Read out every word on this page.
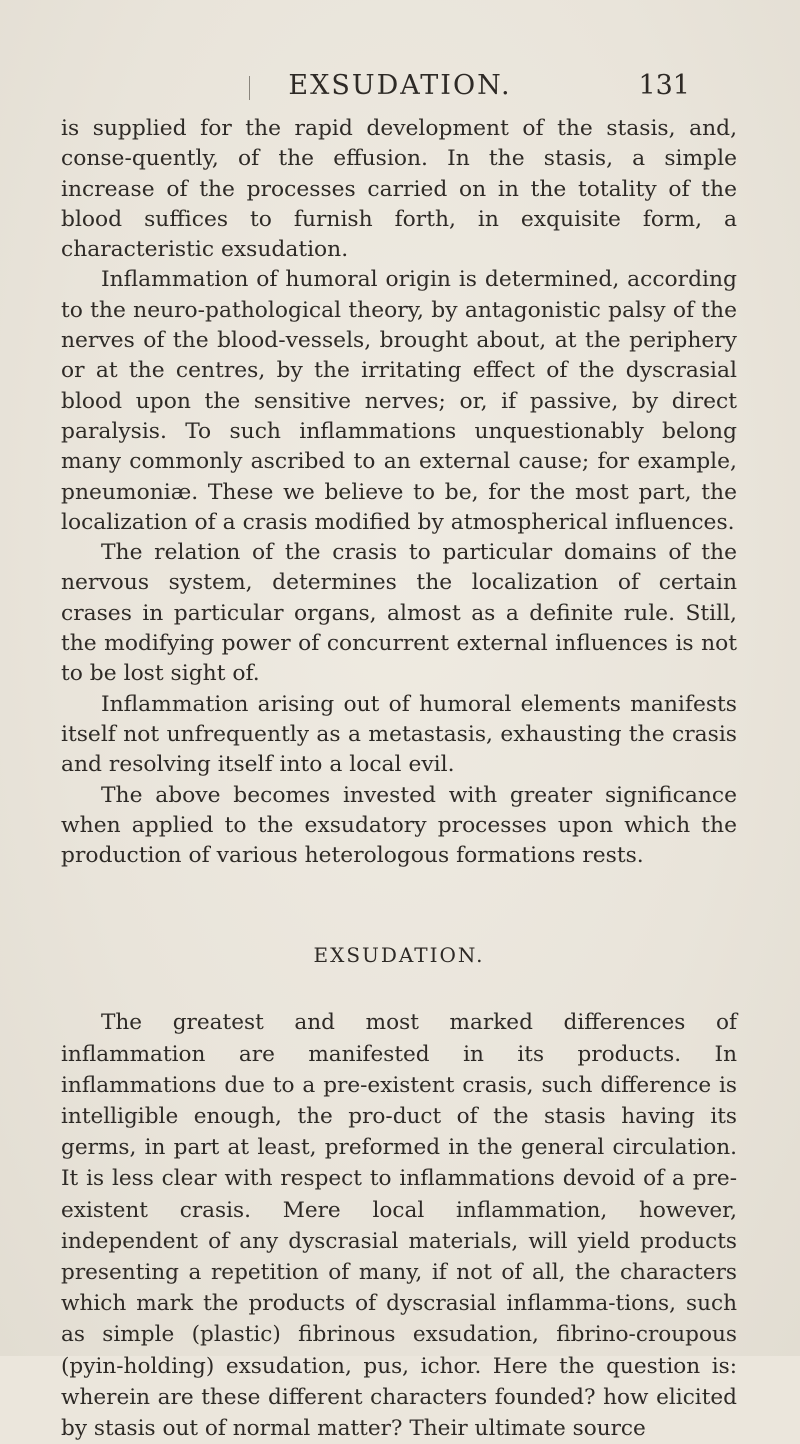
EXSUDATION.	131

is supplied for the rapid development of the stasis, and, conse-quently, of the effusion. In the stasis, a simple increase of the processes carried on in the totality of the blood suffices to furnish forth, in exquisite form, a characteristic exsudation.

Inflammation of humoral origin is determined, according to the neuro-pathological theory, by antagonistic palsy of the nerves of the blood-vessels, brought about, at the periphery or at the centres, by the irritating effect of the dyscrasial blood upon the sensitive nerves; or, if passive, by direct paralysis. To such inflammations unquestionably belong many commonly ascribed to an external cause; for example, pneumoniæ. These we believe to be, for the most part, the localization of a crasis modified by atmospherical influences.

The relation of the crasis to particular domains of the nervous system, determines the localization of certain crases in particular organs, almost as a definite rule. Still, the modifying power of concurrent external influences is not to be lost sight of.

Inflammation arising out of humoral elements manifests itself not unfrequently as a metastasis, exhausting the crasis and resolving itself into a local evil.

The above becomes invested with greater significance when applied to the exsudatory processes upon which the production of various heterologous formations rests.

EXSUDATION.

The greatest and most marked differences of inflammation are manifested in its products. In inflammations due to a pre-existent crasis, such difference is intelligible enough, the pro-duct of the stasis having its germs, in part at least, preformed in the general circulation. It is less clear with respect to inflammations devoid of a pre-existent crasis. Mere local inflammation, however, independent of any dyscrasial materials, will yield products presenting a repetition of many, if not of all, the characters which mark the products of dyscrasial inflamma-tions, such as simple (plastic) fibrinous exsudation, fibrino-croupous (pyin-holding) exsudation, pus, ichor. Here the question is: wherein are these different characters founded? how elicited by stasis out of normal matter? Their ultimate source
